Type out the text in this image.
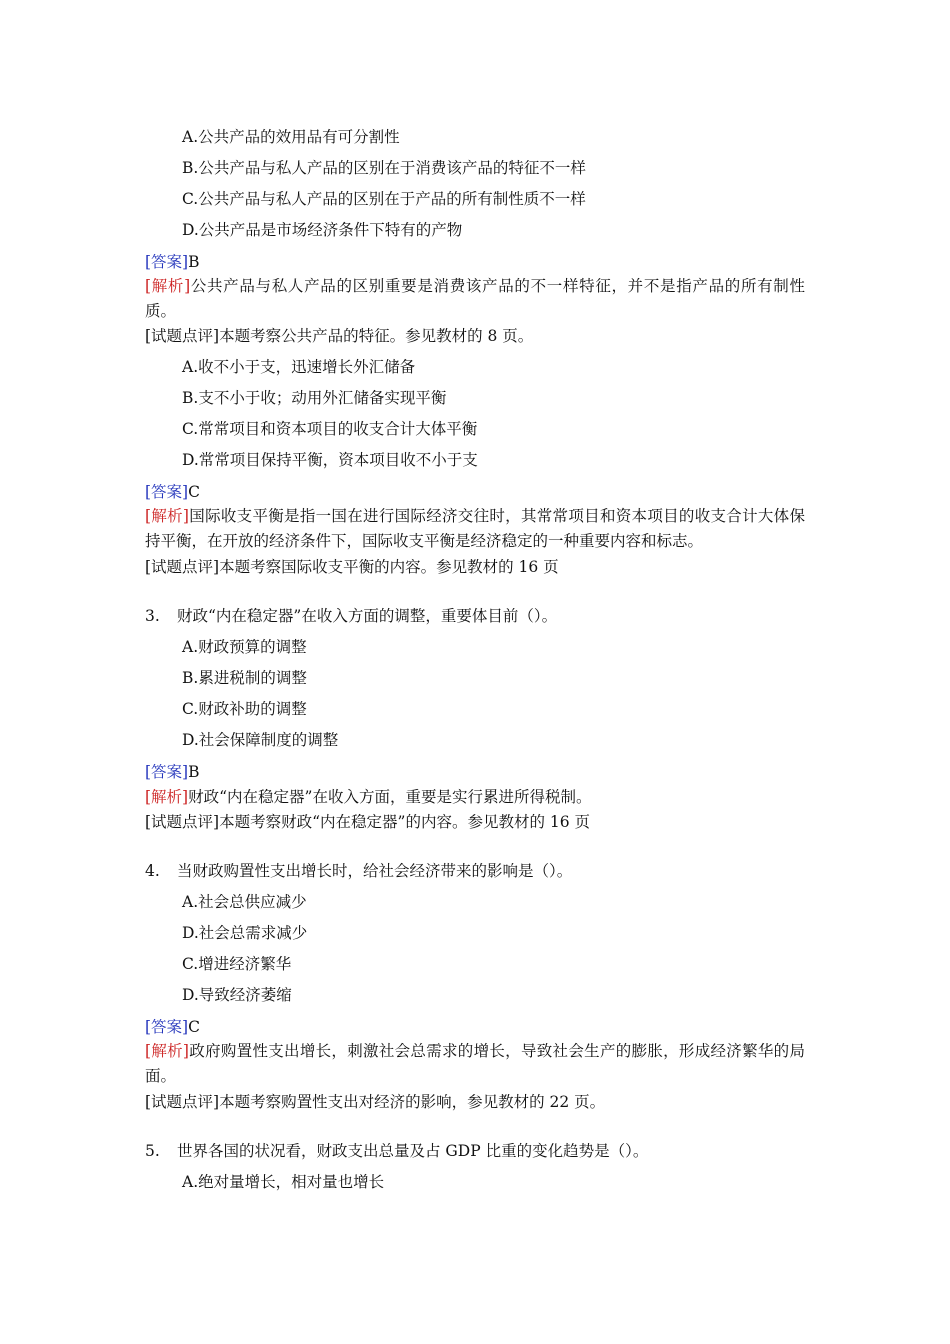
A.公共产品的效用品有可分割性
B.公共产品与私人产品的区别在于消费该产品的特征不一样
C.公共产品与私人产品的区别在于产品的所有制性质不一样
D.公共产品是市场经济条件下特有的产物
[答案]B
[解析]公共产品与私人产品的区别重要是消费该产品的不一样特征，并不是指产品的所有制性质。
[试题点评]本题考察公共产品的特征。参见教材的 8 页。
A.收不小于支，迅速增长外汇储备
B.支不小于收；动用外汇储备实现平衡
C.常常项目和资本项目的收支合计大体平衡
D.常常项目保持平衡，资本项目收不小于支
[答案]C
[解析]国际收支平衡是指一国在进行国际经济交往时，其常常项目和资本项目的收支合计大体保持平衡，在开放的经济条件下，国际收支平衡是经济稳定的一种重要内容和标志。
[试题点评]本题考察国际收支平衡的内容。参见教材的 16 页
3. 财政“内在稳定器”在收入方面的调整，重要体目前（）。
A.财政预算的调整
B.累进税制的调整
C.财政补助的调整
D.社会保障制度的调整
[答案]B
[解析]财政“内在稳定器”在收入方面，重要是实行累进所得税制。
[试题点评]本题考察财政“内在稳定器”的内容。参见教材的 16 页
4. 当财政购置性支出增长时，给社会经济带来的影响是（）。
A.社会总供应减少
D.社会总需求减少
C.增进经济繁华
D.导致经济萎缩
[答案]C
[解析]政府购置性支出增长，刺激社会总需求的增长，导致社会生产的膨胀，形成经济繁华的局面。
[试题点评]本题考察购置性支出对经济的影响，参见教材的 22 页。
5. 世界各国的状况看，财政支出总量及占 GDP 比重的变化趋势是（）。
A.绝对量增长，相对量也增长
